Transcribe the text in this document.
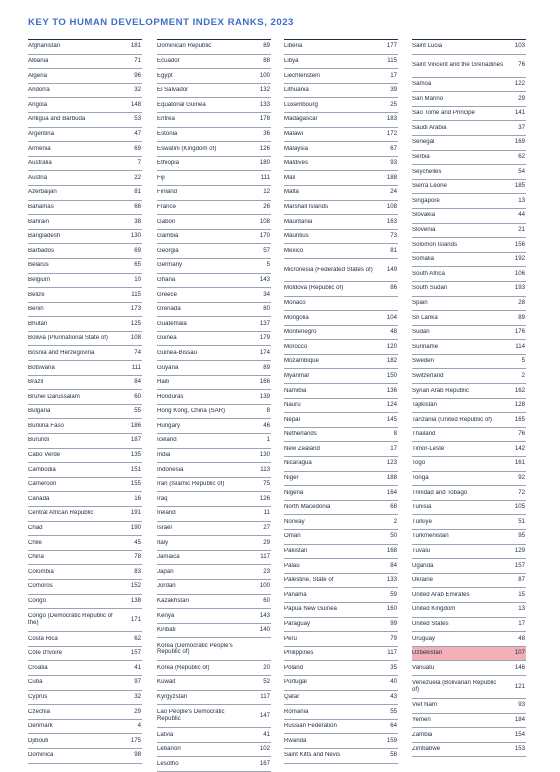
KEY TO HUMAN DEVELOPMENT INDEX RANKS, 2023
Afghanistan	181
Albania	71
Algeria	96
Andorra	32
Angola	148
Antigua and Barbuda	53
Argentina	47
Armenia	69
Australia	7
Austria	22
Azerbaijan	81
Bahamas	66
Bahrain	38
Bangladesh	130
Barbados	69
Belarus	65
Belgium	10
Belize	115
Benin	173
Bhutan	125
Bolivia (Plurinational State of)	108
Bosnia and Herzegovina	74
Botswana	111
Brazil	84
Brunei Darussalam	60
Bulgaria	55
Burkina Faso	186
Burundi	187
Cabo Verde	135
Cambodia	151
Cameroon	155
Canada	16
Central African Republic	191
Chad	190
Chile	45
China	78
Colombia	83
Comoros	152
Congo	138
Congo (Democratic Republic of the)	171
Costa Rica	62
Côte d'Ivoire	157
Croatia	41
Cuba	97
Cyprus	32
Czechia	29
Denmark	4
Djibouti	175
Dominica	98
Dominican Republic	89
Ecuador	88
Egypt	100
El Salvador	132
Equatorial Guinea	133
Eritrea	178
Estonia	36
Eswatini (Kingdom of)	126
Ethiopia	180
Fiji	111
Finland	12
France	26
Gabon	108
Gambia	170
Georgia	57
Germany	5
Ghana	143
Greece	34
Grenada	80
Guatemala	137
Guinea	179
Guinea-Bissau	174
Guyana	89
Haiti	166
Honduras	139
Hong Kong, China (SAR)	8
Hungary	46
Iceland	1
India	130
Indonesia	113
Iran (Islamic Republic of)	75
Iraq	126
Ireland	11
Israel	27
Italy	29
Jamaica	117
Japan	23
Jordan	100
Kazakhstan	60
Kenya	143
Kiribati	140
Korea (Democratic People's Republic of)
Korea (Republic of)	20
Kuwait	52
Kyrgyzstan	117
Lao People's Democratic Republic	147
Latvia	41
Lebanon	102
Lesotho	167
Liberia	177
Libya	115
Liechtenstein	17
Lithuania	39
Luxembourg	25
Madagascar	183
Malawi	172
Malaysia	67
Maldives	93
Mali	188
Malta	24
Marshall Islands	108
Mauritania	163
Mauritius	73
Mexico	81
Micronesia (Federated States of)	149
Moldova (Republic of)	86
Monaco
Mongolia	104
Montenegro	48
Morocco	120
Mozambique	182
Myanmar	150
Namibia	136
Nauru	124
Nepal	145
Netherlands	8
New Zealand	17
Nicaragua	123
Niger	188
Nigeria	164
North Macedonia	68
Norway	2
Oman	50
Pakistan	168
Palau	84
Palestine, State of	133
Panama	59
Papua New Guinea	160
Paraguay	99
Peru	79
Philippines	117
Poland	35
Portugal	40
Qatar	43
Romania	55
Russian Federation	64
Rwanda	159
Saint Kitts and Nevis	58
Saint Lucia	103
Saint Vincent and the Grenadines	76
Samoa	122
San Marino	29
Sao Tome and Principe	141
Saudi Arabia	37
Senegal	169
Serbia	62
Seychelles	54
Sierra Leone	185
Singapore	13
Slovakia	44
Slovenia	21
Solomon Islands	156
Somalia	192
South Africa	106
South Sudan	193
Spain	28
Sri Lanka	89
Sudan	176
Suriname	114
Sweden	5
Switzerland	2
Syrian Arab Republic	162
Tajikistan	128
Tanzania (United Republic of)	165
Thailand	76
Timor-Leste	142
Togo	161
Tonga	92
Trinidad and Tobago	72
Tunisia	105
Türkiye	51
Turkmenistan	95
Tuvalu	129
Uganda	157
Ukraine	87
United Arab Emirates	15
United Kingdom	13
United States	17
Uruguay	48
Uzbekistan	107
Vanuatu	146
Venezuela (Bolivarian Republic of)	121
Viet Nam	93
Yemen	184
Zambia	154
Zimbabwe	153
